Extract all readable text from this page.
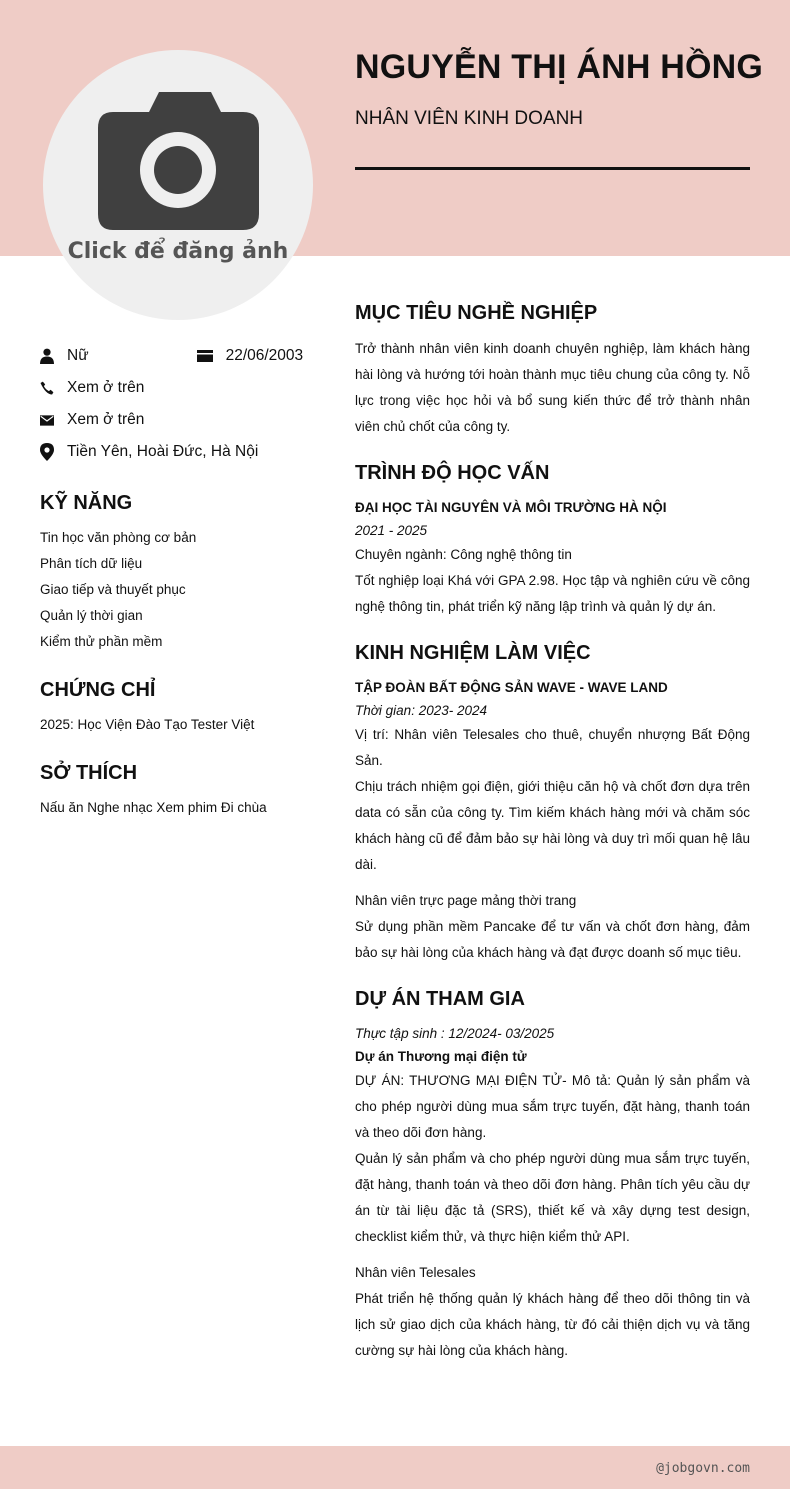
Click để đăng ảnh
NGUYỄN THỊ ÁNH HỒNG
NHÂN VIÊN KINH DOANH
Nữ	22/06/2003
Xem ở trên
Xem ở trên
Tiền Yên, Hoài Đức, Hà Nội
KỸ NĂNG
Tin học văn phòng cơ bản
Phân tích dữ liệu
Giao tiếp và thuyết phục
Quản lý thời gian
Kiểm thử phần mềm
CHỨNG CHỈ
2025: Học Viện Đào Tạo Tester Việt
SỞ THÍCH
Nấu ăn Nghe nhạc Xem phim Đi chùa
MỤC TIÊU NGHỀ NGHIỆP
Trở thành nhân viên kinh doanh chuyên nghiệp, làm khách hàng hài lòng và hướng tới hoàn thành mục tiêu chung của công ty. Nỗ lực trong việc học hỏi và bổ sung kiến thức để trở thành nhân viên chủ chốt của công ty.
TRÌNH ĐỘ HỌC VẤN
ĐẠI HỌC TÀI NGUYÊN VÀ MÔI TRƯỜNG HÀ NỘI
2021 - 2025
Chuyên ngành: Công nghệ thông tin
Tốt nghiệp loại Khá với GPA 2.98. Học tập và nghiên cứu về công nghệ thông tin, phát triển kỹ năng lập trình và quản lý dự án.
KINH NGHIỆM LÀM VIỆC
TẬP ĐOÀN BẤT ĐỘNG SẢN WAVE - WAVE LAND
Thời gian: 2023- 2024
Vị trí: Nhân viên Telesales cho thuê, chuyển nhượng Bất Động Sản.
Chịu trách nhiệm gọi điện, giới thiệu căn hộ và chốt đơn dựa trên data có sẵn của công ty. Tìm kiếm khách hàng mới và chăm sóc khách hàng cũ để đảm bảo sự hài lòng và duy trì mối quan hệ lâu dài.
Nhân viên trực page mảng thời trang
Sử dụng phần mềm Pancake để tư vấn và chốt đơn hàng, đảm bảo sự hài lòng của khách hàng và đạt được doanh số mục tiêu.
DỰ ÁN THAM GIA
Thực tập sinh : 12/2024- 03/2025
Dự án Thương mại điện tử
DỰ ÁN: THƯƠNG MẠI ĐIỆN TỬ- Mô tả: Quản lý sản phẩm và cho phép người dùng mua sắm trực tuyến, đặt hàng, thanh toán và theo dõi đơn hàng.
Quản lý sản phẩm và cho phép người dùng mua sắm trực tuyến, đặt hàng, thanh toán và theo dõi đơn hàng. Phân tích yêu cầu dự án từ tài liệu đặc tả (SRS), thiết kế và xây dựng test design, checklist kiểm thử, và thực hiện kiểm thử API.
Nhân viên Telesales
Phát triển hệ thống quản lý khách hàng để theo dõi thông tin và lịch sử giao dịch của khách hàng, từ đó cải thiện dịch vụ và tăng cường sự hài lòng của khách hàng.
@jobgovn.com
